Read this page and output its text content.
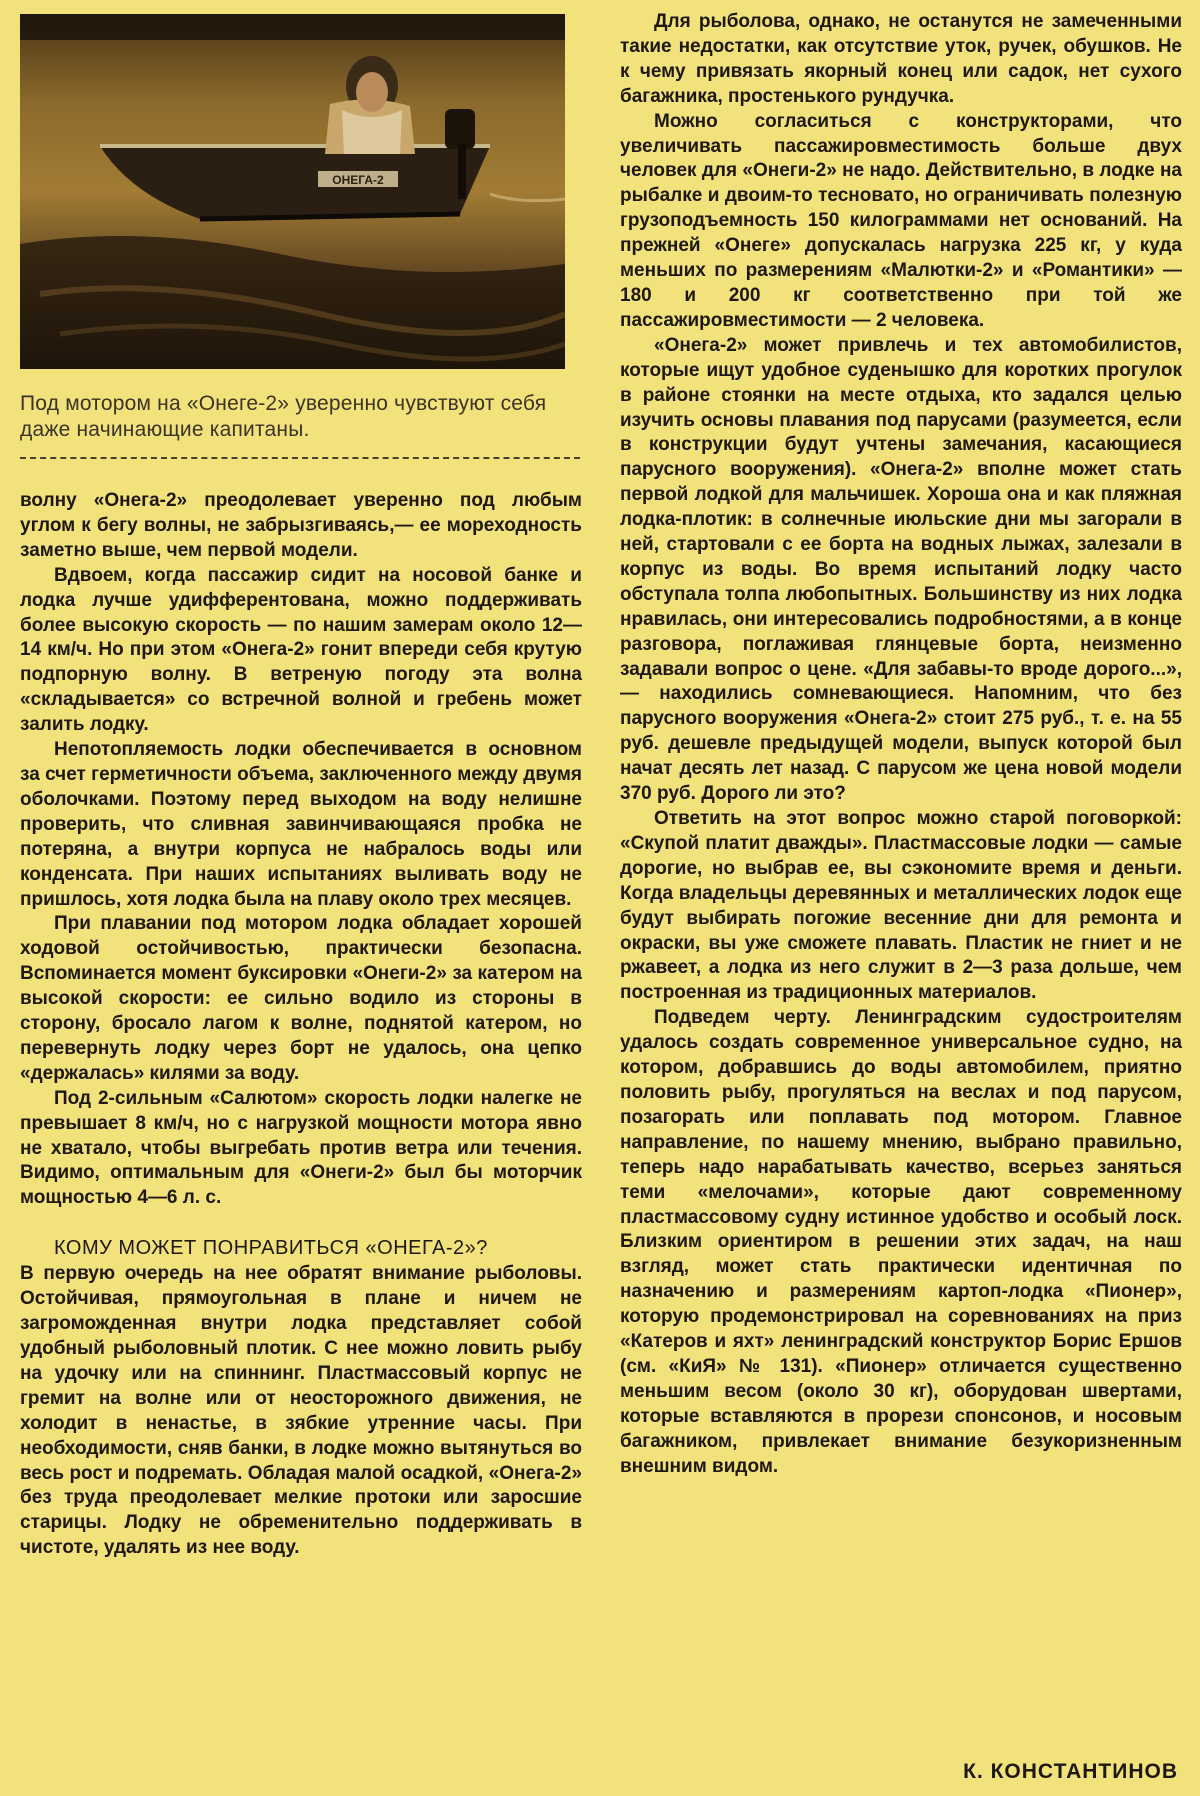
ОНЕГА-2
Под мотором на «Онеге-2» уверенно чувствуют себя даже начинающие капитаны.

волну «Онега-2» преодолевает уверенно под любым углом к бегу волны, не забрызгиваясь,— ее мореходность заметно выше, чем первой модели.

Вдвоем, когда пассажир сидит на носовой банке и лодка лучше удифферентована, можно поддерживать более высокую скорость — по нашим замерам около 12—14 км/ч. Но при этом «Онега-2» гонит впереди себя крутую подпорную волну. В ветреную погоду эта волна «складывается» со встречной волной и гребень может залить лодку.

Непотопляемость лодки обеспечивается в основном за счет герметичности объема, заключенного между двумя оболочками. Поэтому перед выходом на воду нелишне проверить, что сливная завинчивающаяся пробка не потеряна, а внутри корпуса не набралось воды или конденсата. При наших испытаниях выливать воду не пришлось, хотя лодка была на плаву около трех месяцев.

При плавании под мотором лодка обладает хорошей ходовой остойчивостью, практически безопасна. Вспоминается момент буксировки «Онеги-2» за катером на высокой скорости: ее сильно водило из стороны в сторону, бросало лагом к волне, поднятой катером, но перевернуть лодку через борт не удалось, она цепко «держалась» килями за воду.

Под 2-сильным «Салютом» скорость лодки налегке не превышает 8 км/ч, но с нагрузкой мощности мотора явно не хватало, чтобы выгребать против ветра или течения. Видимо, оптимальным для «Онеги-2» был бы моторчик мощностью 4—6 л. с.

КОМУ МОЖЕТ ПОНРАВИТЬСЯ «ОНЕГА-2»?

В первую очередь на нее обратят внимание рыболовы. Остойчивая, прямоугольная в плане и ничем не загроможденная внутри лодка представляет собой удобный рыболовный плотик. С нее можно ловить рыбу на удочку или на спиннинг. Пластмассовый корпус не гремит на волне или от неосторожного движения, не холодит в ненастье, в зябкие утренние часы. При необходимости, сняв банки, в лодке можно вытянуться во весь рост и подремать. Обладая малой осадкой, «Онега-2» без труда преодолевает мелкие протоки или заросшие старицы. Лодку не обременительно поддерживать в чистоте, удалять из нее воду.

Для рыболова, однако, не останутся не замеченными такие недостатки, как отсутствие уток, ручек, обушков. Не к чему привязать якорный конец или садок, нет сухого багажника, простенького рундучка.

Можно согласиться с конструкторами, что увеличивать пассажировместимость больше двух человек для «Онеги-2» не надо. Действительно, в лодке на рыбалке и двоим-то тесновато, но ограничивать полезную грузоподъемность 150 килограммами нет оснований. На прежней «Онеге» допускалась нагрузка 225 кг, у куда меньших по размерениям «Малютки-2» и «Романтики» — 180 и 200 кг соответственно при той же пассажировместимости — 2 человека.

«Онега-2» может привлечь и тех автомобилистов, которые ищут удобное суденышко для коротких прогулок в районе стоянки на месте отдыха, кто задался целью изучить основы плавания под парусами (разумеется, если в конструкции будут учтены замечания, касающиеся парусного вооружения). «Онега-2» вполне может стать первой лодкой для мальчишек. Хороша она и как пляжная лодка-плотик: в солнечные июльские дни мы загорали в ней, стартовали с ее борта на водных лыжах, залезали в корпус из воды. Во время испытаний лодку часто обступала толпа любопытных. Большинству из них лодка нравилась, они интересовались подробностями, а в конце разговора, поглаживая глянцевые борта, неизменно задавали вопрос о цене. «Для забавы-то вроде дорого...»,— находились сомневающиеся. Напомним, что без парусного вооружения «Онега-2» стоит 275 руб., т. е. на 55 руб. дешевле предыдущей модели, выпуск которой был начат десять лет назад. С парусом же цена новой модели 370 руб. Дорого ли это?

Ответить на этот вопрос можно старой поговоркой: «Скупой платит дважды». Пластмассовые лодки — самые дорогие, но выбрав ее, вы сэкономите время и деньги. Когда владельцы деревянных и металлических лодок еще будут выбирать погожие весенние дни для ремонта и окраски, вы уже сможете плавать. Пластик не гниет и не ржавеет, а лодка из него служит в 2—3 раза дольше, чем построенная из традиционных материалов.

Подведем черту. Ленинградским судостроителям удалось создать современное универсальное судно, на котором, добравшись до воды автомобилем, приятно половить рыбу, прогуляться на веслах и под парусом, позагорать или поплавать под мотором. Главное направление, по нашему мнению, выбрано правильно, теперь надо нарабатывать качество, всерьез заняться теми «мелочами», которые дают современному пластмассовому судну истинное удобство и особый лоск. Близким ориентиром в решении этих задач, на наш взгляд, может стать практически идентичная по назначению и размерениям картоп-лодка «Пионер», которую продемонстрировал на соревнованиях на приз «Катеров и яхт» ленинградский конструктор Борис Ершов (см. «КиЯ» № 131). «Пионер» отличается существенно меньшим весом (около 30 кг), оборудован швертами, которые вставляются в прорези спонсонов, и носовым багажником, привлекает внимание безукоризненным внешним видом.

К. КОНСТАНТИНОВ
